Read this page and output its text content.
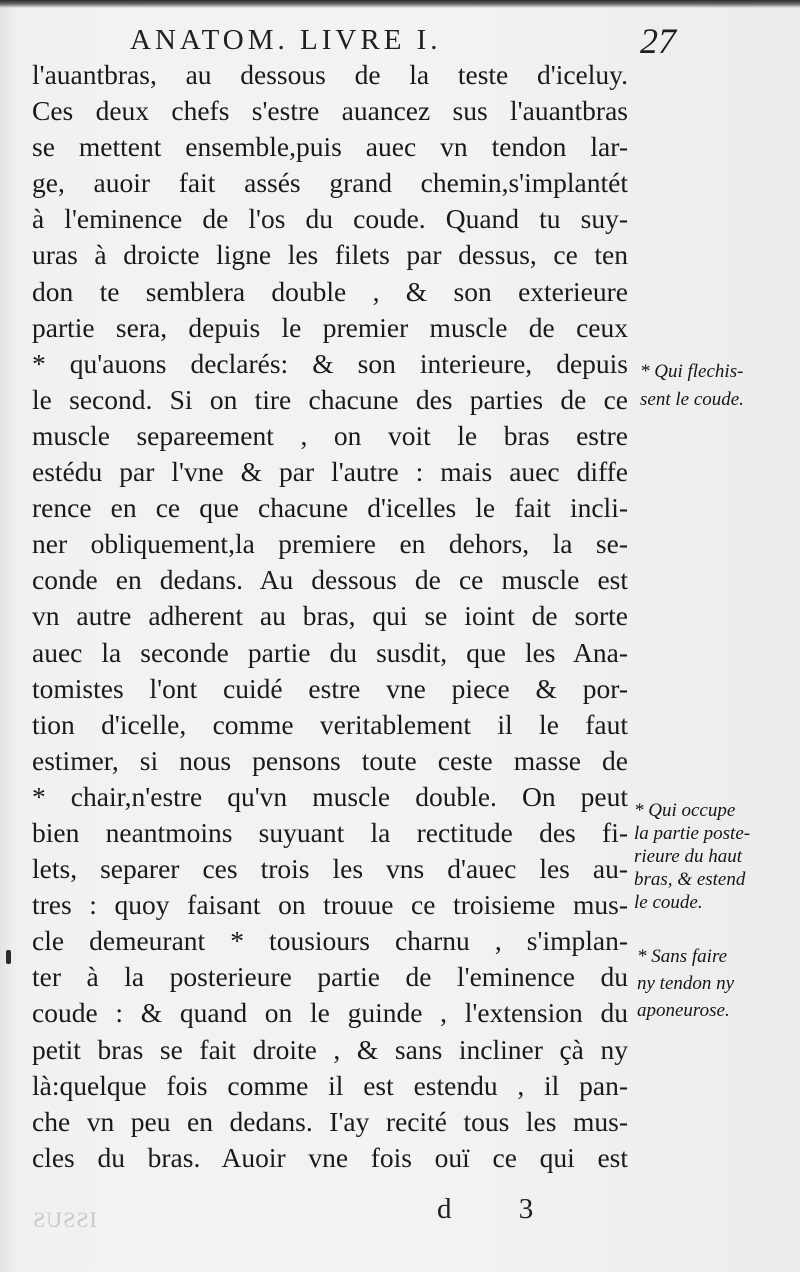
ANATOM. LIVRE I.	27
l'auantbras, au dessous de la teste d'iceluy.
Ces deux chefs s'estre auancez sus l'auantbras
se mettent ensemble,puis auec vn tendon lar-
ge, auoir fait assés grand chemin,s'implantét
à l'eminence de l'os du coude. Quand tu suy-
uras à droicte ligne les filets par dessus, ce ten
don te semblera double , & son exterieure
partie sera, depuis le premier muscle de ceux
* qu'auons declarés: & son interieure, depuis
le second. Si on tire chacune des parties de ce
muscle separeement , on voit le bras estre
estédu par l'vne & par l'autre : mais auec diffe
rence en ce que chacune d'icelles le fait incli-
ner obliquement,la premiere en dehors, la se-
conde en dedans. Au dessous de ce muscle est
vn autre adherent au bras, qui se ioint de sorte
auec la seconde partie du susdit, que les Ana-
tomistes l'ont cuidé estre vne piece & por-
tion d'icelle, comme veritablement il le faut
estimer, si nous pensons toute ceste masse de
* chair,n'estre qu'vn muscle double. On peut
bien neantmoins suyuant la rectitude des fi-
lets, separer ces trois les vns d'auec les au-
tres : quoy faisant on trouue ce troisieme mus-
cle demeurant * tousiours charnu , s'implan-
ter à la posterieure partie de l'eminence du
coude : & quand on le guinde , l'extension du
petit bras se fait droite , & sans incliner çà ny
là:quelque fois comme il est estendu , il pan-
che vn peu en dedans. I'ay recité tous les mus-
cles du bras. Auoir vne fois ouï ce qui est
* Qui flechis-
sent le coude.
* Qui occupe
la partie poste-
rieure du haut
bras, & estend
le coude.
* Sans faire
ny tendon ny
aponeurose.
d 3
ISSUS
